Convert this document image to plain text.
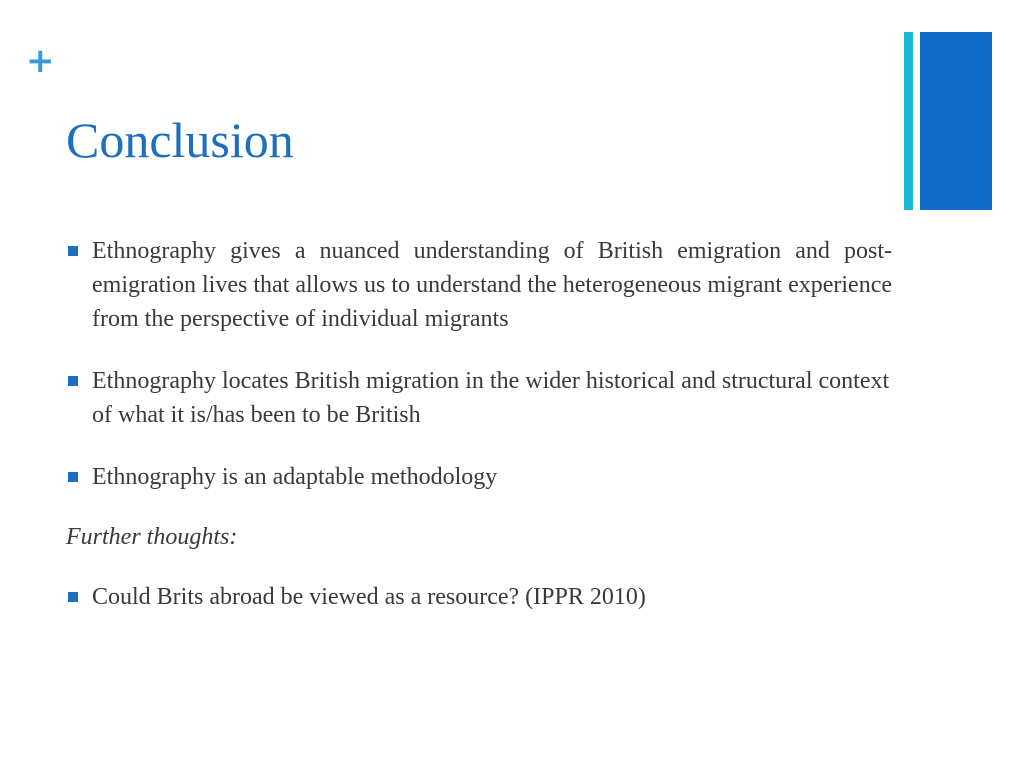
+
Conclusion

Ethnography gives a nuanced understanding of British emigration and post-emigration lives that allows us to understand the heterogeneous migrant experience from the perspective of individual migrants

Ethnography locates British migration in the wider historical and structural context of what it is/has been to be British

Ethnography is an adaptable methodology

Further thoughts:

Could Brits abroad be viewed as a resource? (IPPR 2010)
